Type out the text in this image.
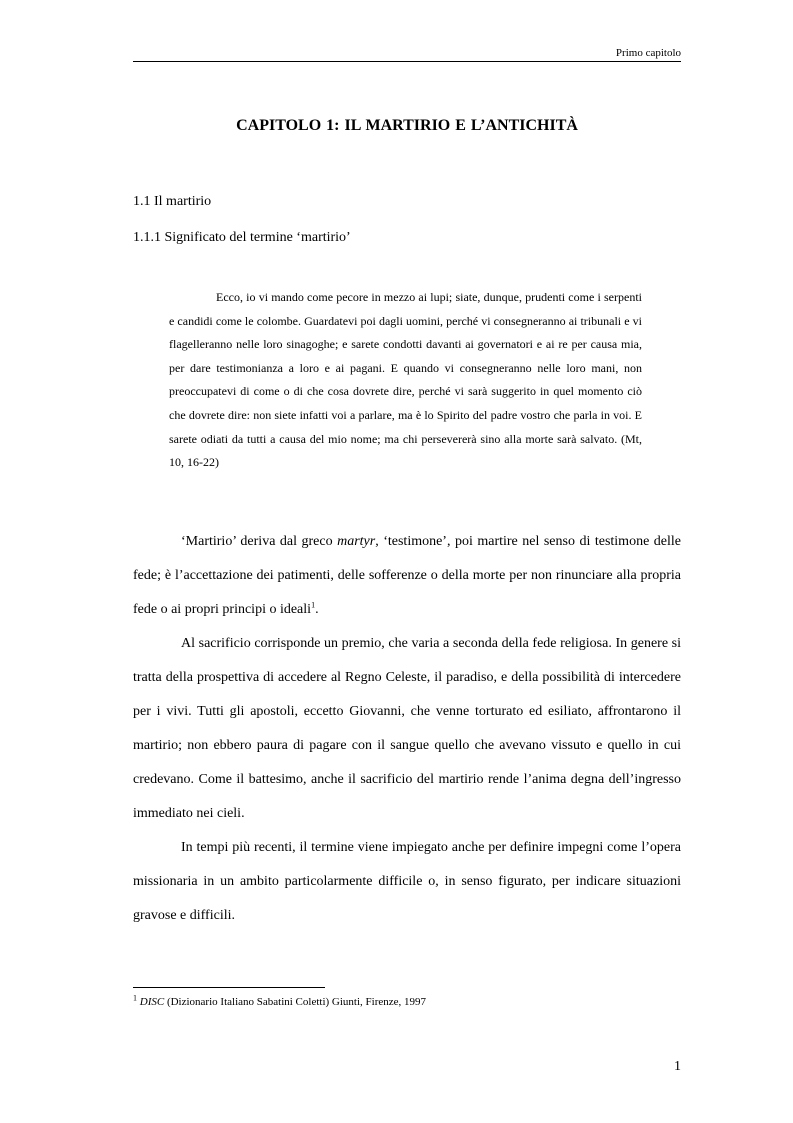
Primo capitolo
CAPITOLO 1: IL MARTIRIO E L’ANTICHITÀ
1.1 Il martirio
1.1.1 Significato del termine ‘martirio’
Ecco, io vi mando come pecore in mezzo ai lupi; siate, dunque, prudenti come i serpenti e candidi come le colombe. Guardatevi poi dagli uomini, perché vi consegneranno ai tribunali e vi flagelleranno nelle loro sinagoghe; e sarete condotti davanti ai governatori e ai re per causa mia, per dare testimonianza a loro e ai pagani. E quando vi consegneranno nelle loro mani, non preoccupatevi di come o di che cosa dovrete dire, perché vi sarà suggerito in quel momento ciò che dovrete dire: non siete infatti voi a parlare, ma è lo Spirito del padre vostro che parla in voi. E sarete odiati da tutti a causa del mio nome; ma chi persevererà sino alla morte sarà salvato. (Mt, 10, 16-22)

‘Martirio’ deriva dal greco martyr, ‘testimone’, poi martire nel senso di testimone delle fede; è l’accettazione dei patimenti, delle sofferenze o della morte per non rinunciare alla propria fede o ai propri principi o ideali$^1$.

Al sacrificio corrisponde un premio, che varia a seconda della fede religiosa. In genere si tratta della prospettiva di accedere al Regno Celeste, il paradiso, e della possibilità di intercedere per i vivi. Tutti gli apostoli, eccetto Giovanni, che venne torturato ed esiliato, affrontarono il martirio; non ebbero paura di pagare con il sangue quello che avevano vissuto e quello in cui credevano. Come il battesimo, anche il sacrificio del martirio rende l’anima degna dell’ingresso immediato nei cieli.

In tempi più recenti, il termine viene impiegato anche per definire impegni come l’opera missionaria in un ambito particolarmente difficile o, in senso figurato, per indicare situazioni gravose e difficili.

$^1$ DISC (Dizionario Italiano Sabatini Coletti) Giunti, Firenze, 1997
1
